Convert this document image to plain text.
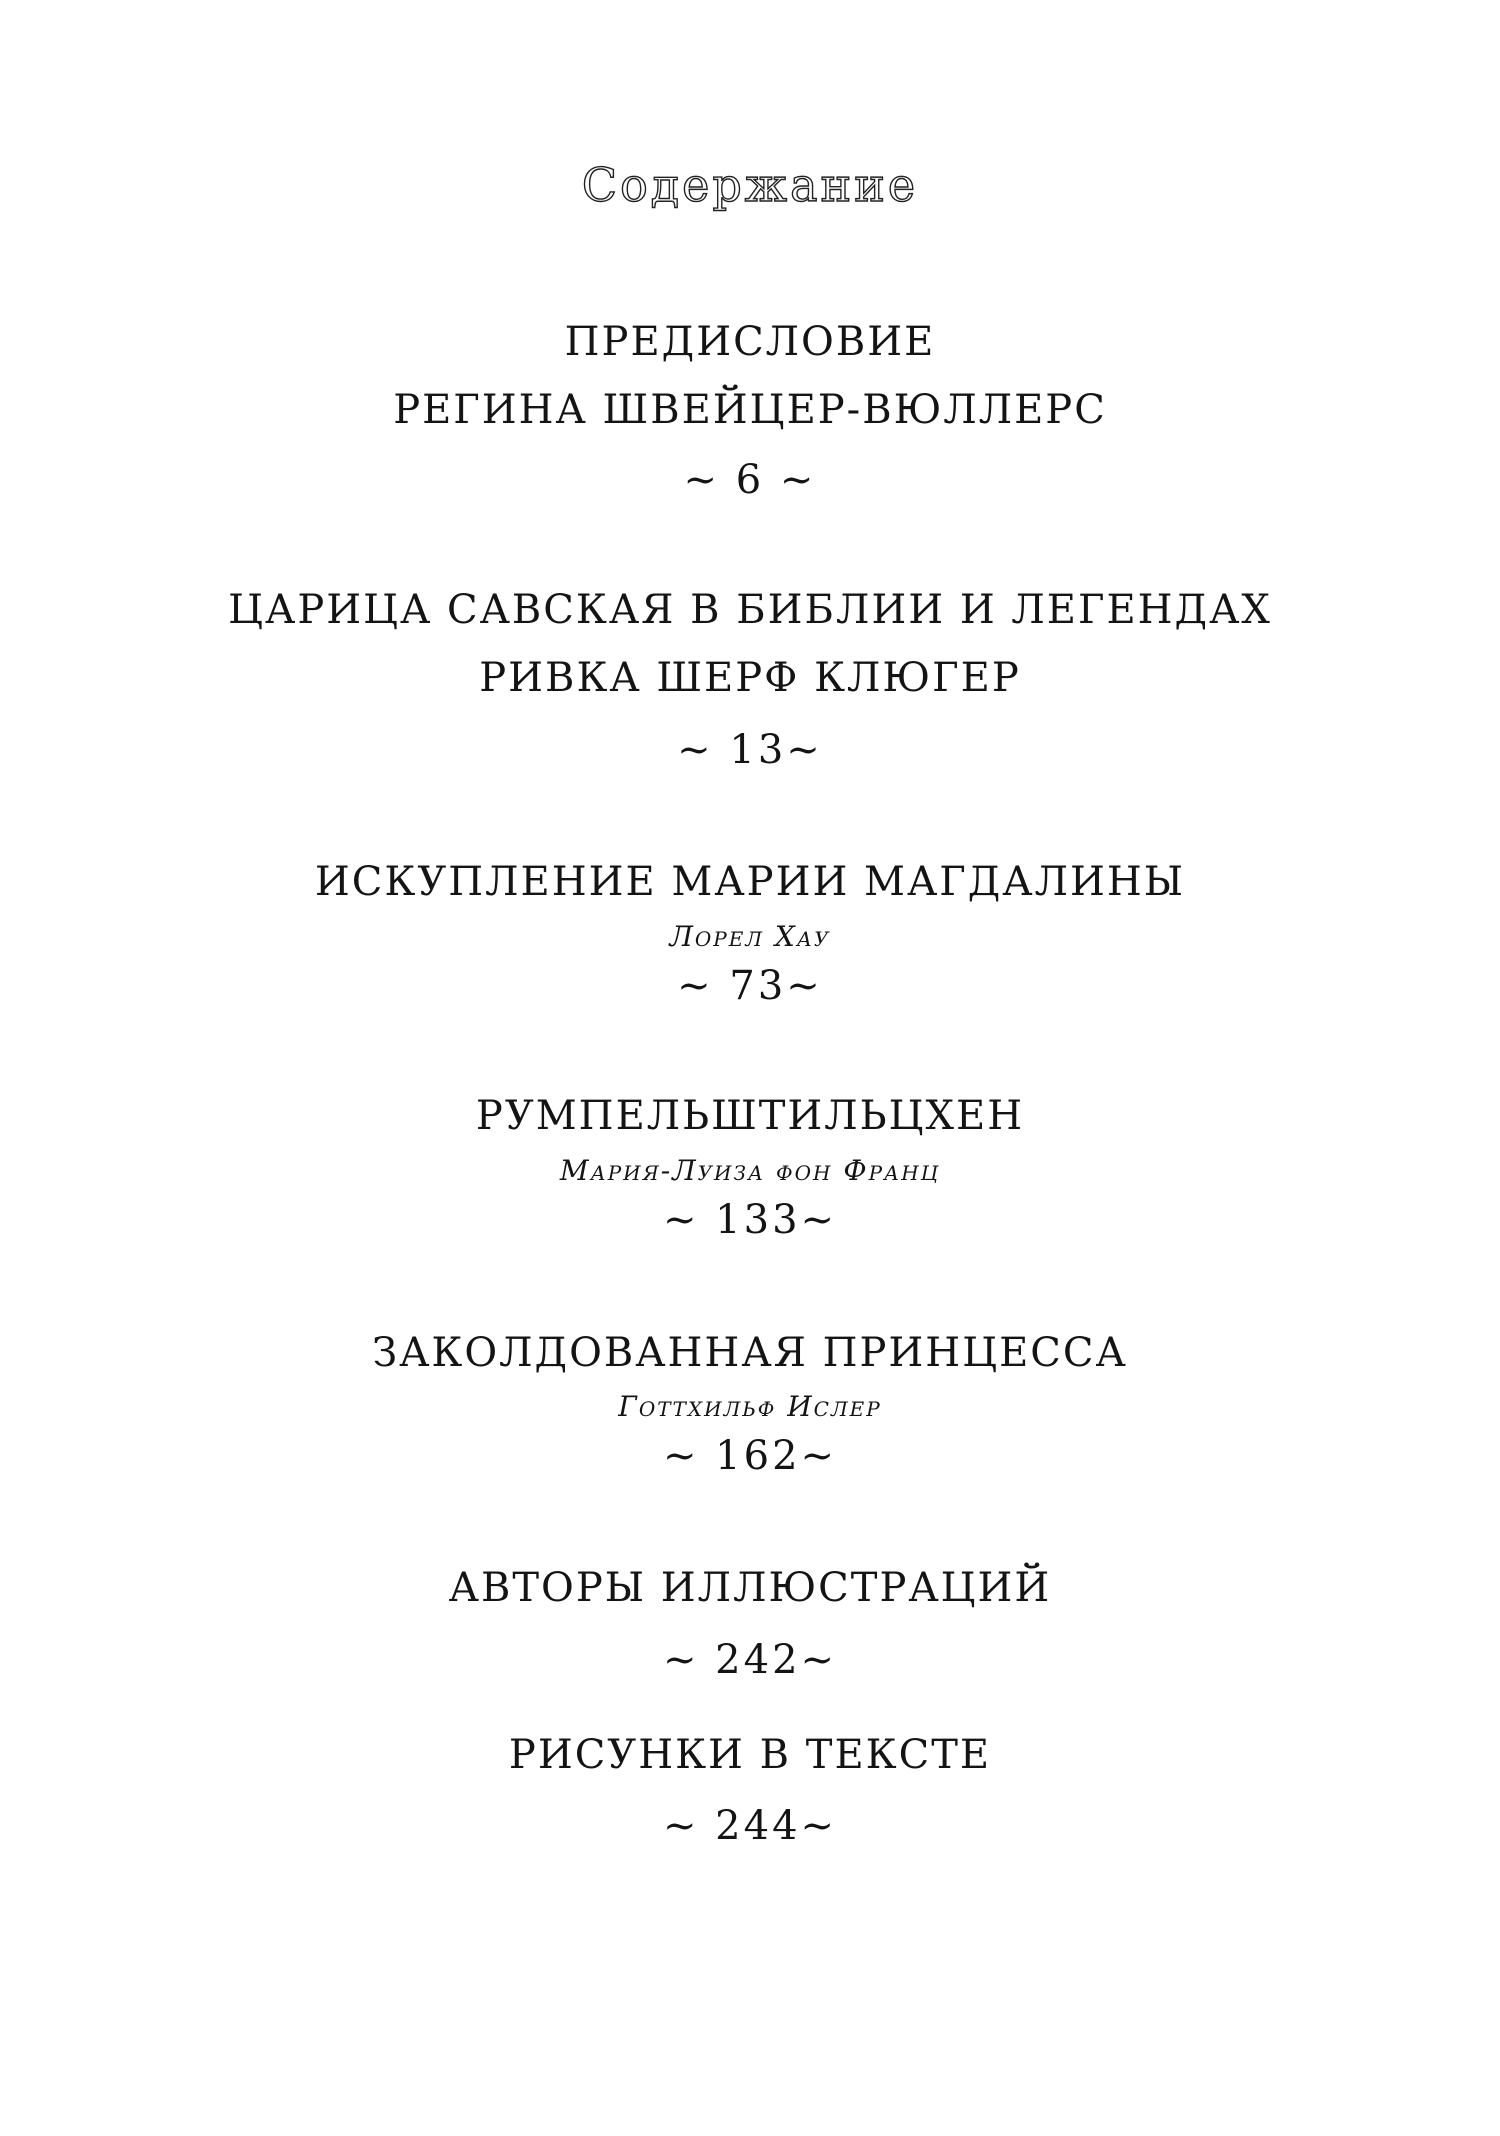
Содержание
ПРЕДИСЛОВИЕ
РЕГИНА ШВЕЙЦЕР-ВЮЛЛЕРС
~ 6 ~
ЦАРИЦА САВСКАЯ В БИБЛИИ И ЛЕГЕНДАХ
РИВКА ШЕРФ КЛЮГЕР
~ 13~
ИСКУПЛЕНИЕ МАРИИ МАГДАЛИНЫ
Лорел Хау
~ 73~
РУМПЕЛЬШТИЛЬЦХЕН
Мария-Луиза фон Франц
~ 133~
ЗАКОЛДОВАННАЯ ПРИНЦЕССА
Готтхильф Ислер
~ 162~
АВТОРЫ ИЛЛЮСТРАЦИЙ
~ 242~
РИСУНКИ В ТЕКСТЕ
~ 244~
